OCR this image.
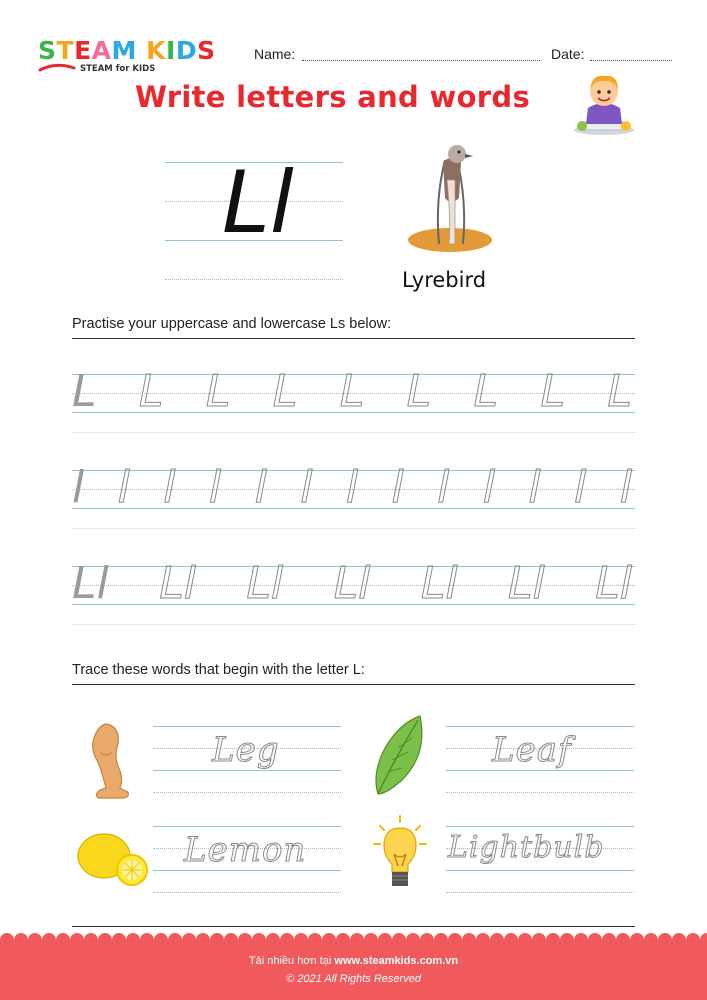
STEAM KIDS
STEAM for KIDS
Name:	Date:
Write letters and words
Ll
Lyrebird
Practise your uppercase and lowercase Ls below:
L L L L L L L L L
l l l l l l l l l l l l l
Ll Ll Ll Ll Ll Ll Ll
Trace these words that begin with the letter L:
Leg	Leaf
Lemon	Lightbulb
Tải nhiều hơn tại www.steamkids.com.vn
© 2021 All Rights Reserved
